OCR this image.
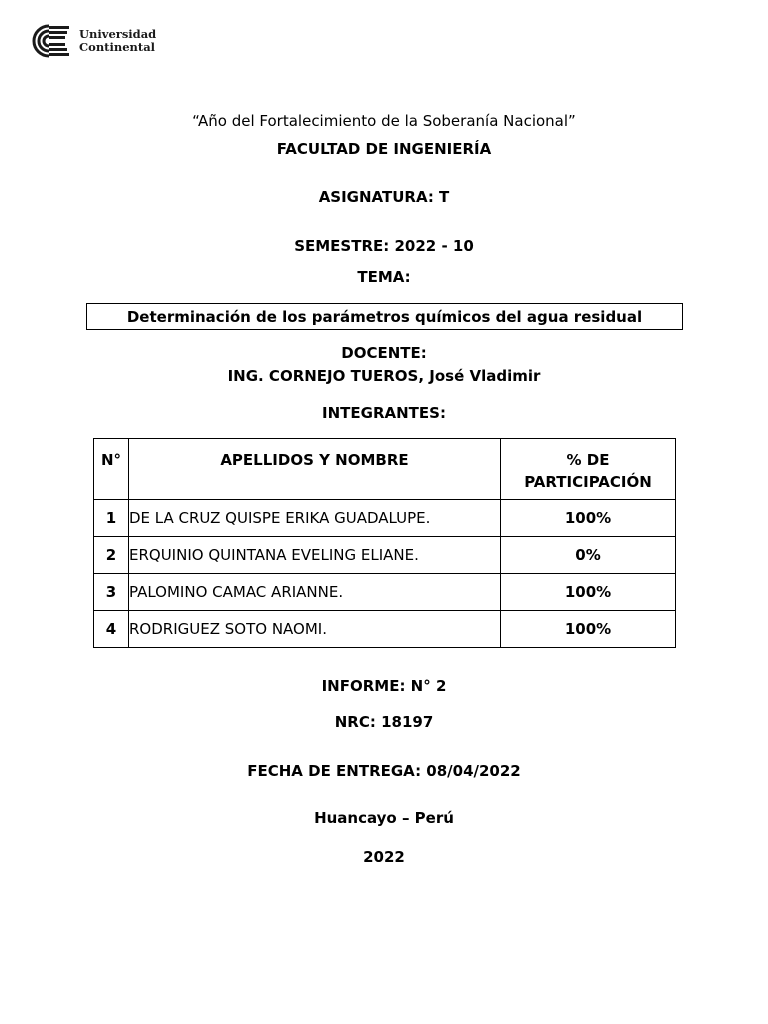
Universidad
Continental
“Año del Fortalecimiento de la Soberanía Nacional”
FACULTAD DE INGENIERÍA
ASIGNATURA: T
SEMESTRE: 2022 - 10
TEMA:
Determinación de los parámetros químicos del agua residual
DOCENTE:
ING. CORNEJO TUEROS, José Vladimir
INTEGRANTES:
N°	APELLIDOS Y NOMBRE	% DE
PARTICIPACIÓN

1	DE LA CRUZ QUISPE ERIKA GUADALUPE.	100%
2	ERQUINIO QUINTANA EVELING ELIANE.	0%
3	PALOMINO CAMAC ARIANNE.	100%
4	RODRIGUEZ SOTO NAOMI.	100%
INFORME: N° 2
NRC: 18197
FECHA DE ENTREGA: 08/04/2022
Huancayo – Perú
2022
